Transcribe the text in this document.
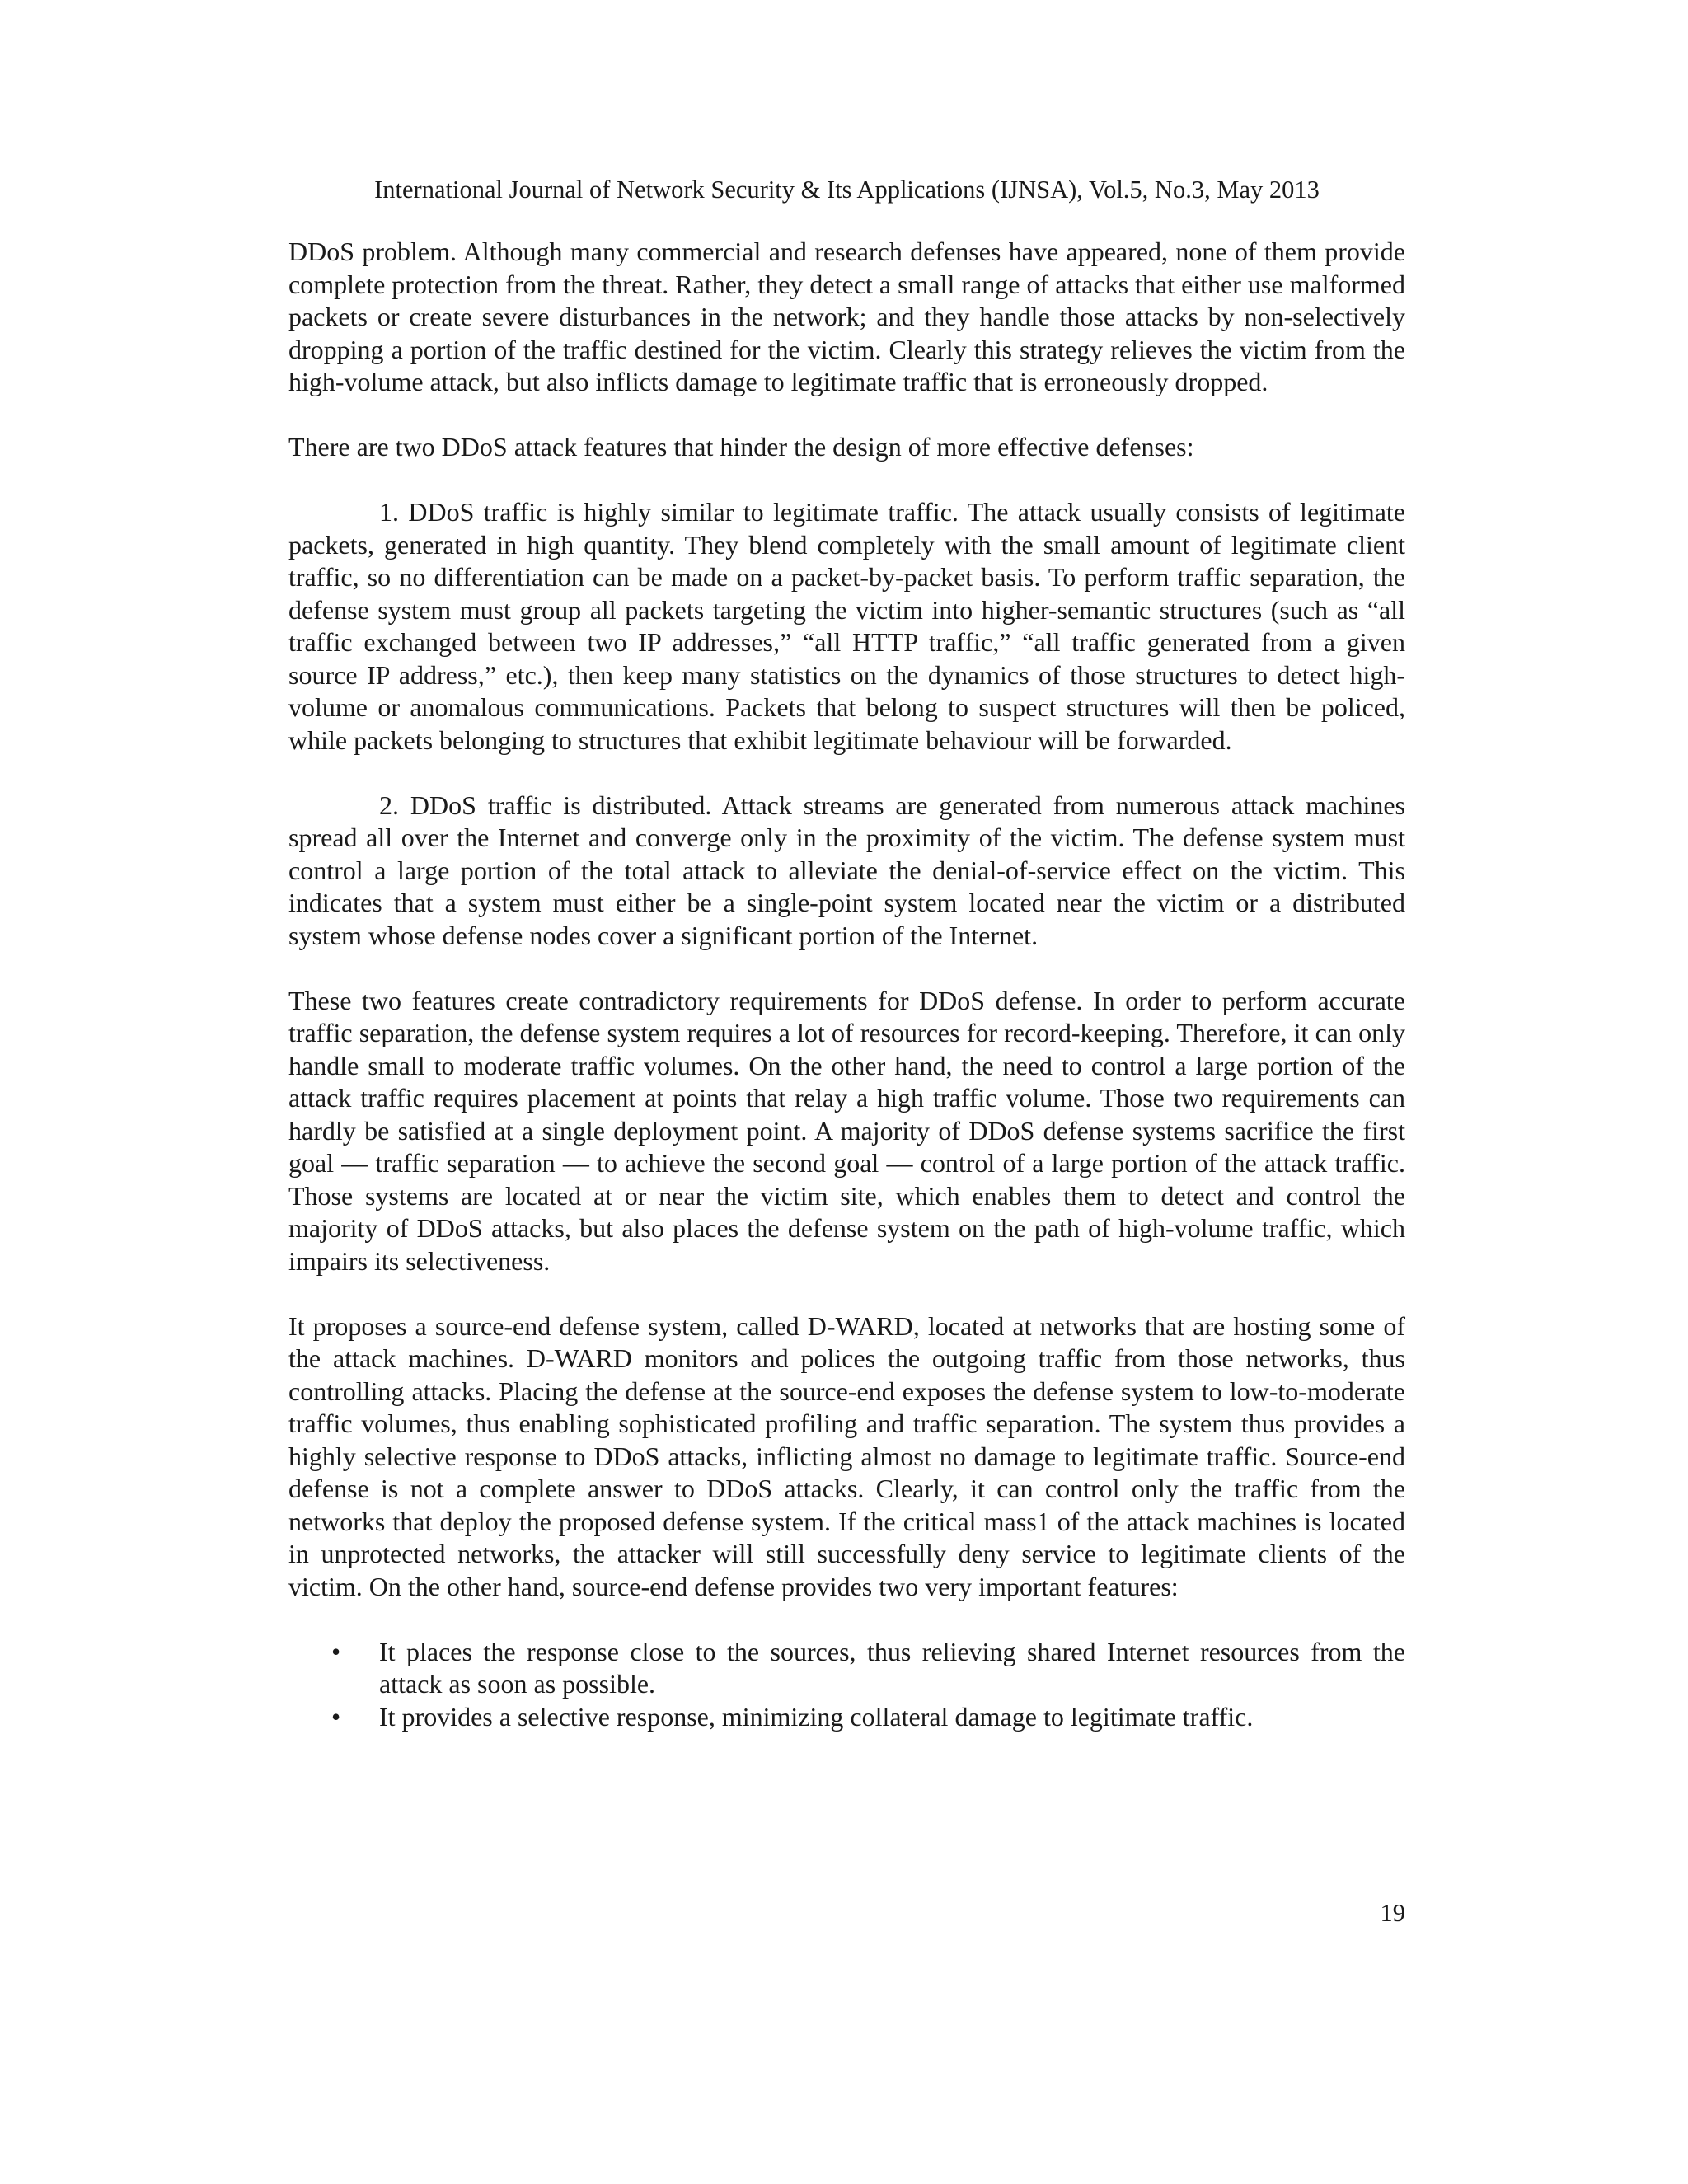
International Journal of Network Security & Its Applications (IJNSA), Vol.5, No.3, May 2013

DDoS problem. Although many commercial and research defenses have appeared, none of them provide complete protection from the threat. Rather, they detect a small range of attacks that either use malformed packets or create severe disturbances in the network; and they handle those attacks by non-selectively dropping a portion of the traffic destined for the victim. Clearly this strategy relieves the victim from the high-volume attack, but also inflicts damage to legitimate traffic that is erroneously dropped.

There are two DDoS attack features that hinder the design of more effective defenses:

1. DDoS traffic is highly similar to legitimate traffic. The attack usually consists of legitimate packets, generated in high quantity. They blend completely with the small amount of legitimate client traffic, so no differentiation can be made on a packet-by-packet basis. To perform traffic separation, the defense system must group all packets targeting the victim into higher-semantic structures (such as “all traffic exchanged between two IP addresses,” “all HTTP traffic,” “all traffic generated from a given source IP address,” etc.), then keep many statistics on the dynamics of those structures to detect high-volume or anomalous communications. Packets that belong to suspect structures will then be policed, while packets belonging to structures that exhibit legitimate behaviour will be forwarded.

2. DDoS traffic is distributed. Attack streams are generated from numerous attack machines spread all over the Internet and converge only in the proximity of the victim. The defense system must control a large portion of the total attack to alleviate the denial-of-service effect on the victim. This indicates that a system must either be a single-point system located near the victim or a distributed system whose defense nodes cover a significant portion of the Internet.

These two features create contradictory requirements for DDoS defense. In order to perform accurate traffic separation, the defense system requires a lot of resources for record-keeping. Therefore, it can only handle small to moderate traffic volumes. On the other hand, the need to control a large portion of the attack traffic requires placement at points that relay a high traffic volume. Those two requirements can hardly be satisfied at a single deployment point. A majority of DDoS defense systems sacrifice the first goal — traffic separation — to achieve the second goal — control of a large portion of the attack traffic. Those systems are located at or near the victim site, which enables them to detect and control the majority of DDoS attacks, but also places the defense system on the path of high-volume traffic, which impairs its selectiveness.

It proposes a source-end defense system, called D-WARD, located at networks that are hosting some of the attack machines. D-WARD monitors and polices the outgoing traffic from those networks, thus controlling attacks. Placing the defense at the source-end exposes the defense system to low-to-moderate traffic volumes, thus enabling sophisticated profiling and traffic separation. The system thus provides a highly selective response to DDoS attacks, inflicting almost no damage to legitimate traffic. Source-end defense is not a complete answer to DDoS attacks. Clearly, it can control only the traffic from the networks that deploy the proposed defense system. If the critical mass1 of the attack machines is located in unprotected networks, the attacker will still successfully deny service to legitimate clients of the victim. On the other hand, source-end defense provides two very important features:

• It places the response close to the sources, thus relieving shared Internet resources from the attack as soon as possible.
• It provides a selective response, minimizing collateral damage to legitimate traffic.

19
